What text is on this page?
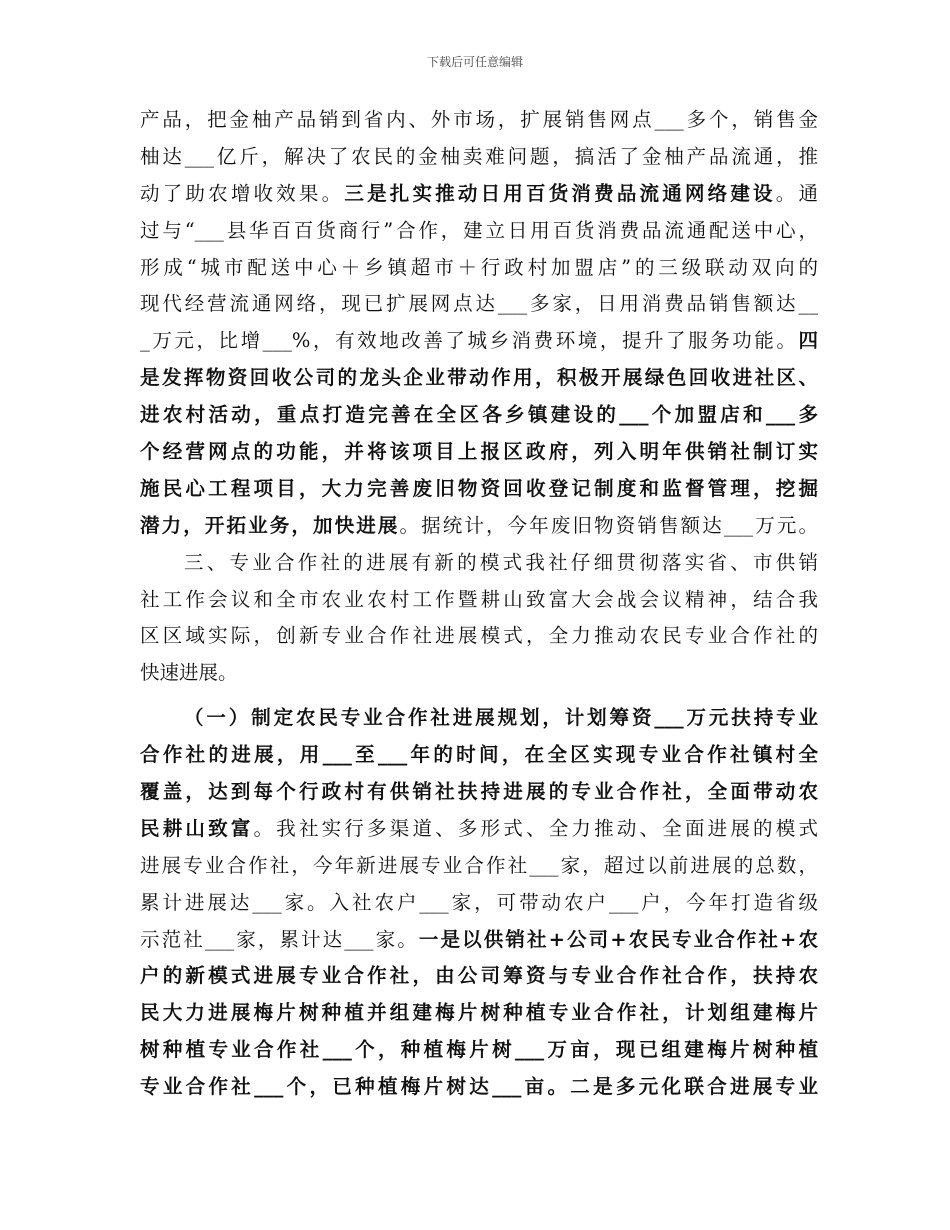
下载后可任意编辑
产品，把金柚产品销到省内、外市场，扩展销售网点___多个，销售金
柚达___亿斤，解决了农民的金柚卖难问题，搞活了金柚产品流通，推
动了助农增收效果。三是扎实推动日用百货消费品流通网络建设。通
过与“___县华百百货商行”合作，建立日用百货消费品流通配送中心，
形成“城市配送中心＋乡镇超市＋行政村加盟店”的三级联动双向的
现代经营流通网络，现已扩展网点达___多家，日用消费品销售额达__
_万元，比增___%，有效地改善了城乡消费环境，提升了服务功能。四
是发挥物资回收公司的龙头企业带动作用，积极开展绿色回收进社区、
进农村活动，重点打造完善在全区各乡镇建设的___个加盟店和___多
个经营网点的功能，并将该项目上报区政府，列入明年供销社制订实
施民心工程项目，大力完善废旧物资回收登记制度和监督管理，挖掘
潜力，开拓业务，加快进展。据统计，今年废旧物资销售额达___万元。
三、专业合作社的进展有新的模式我社仔细贯彻落实省、市供销
社工作会议和全市农业农村工作暨耕山致富大会战会议精神，结合我
区区域实际，创新专业合作社进展模式，全力推动农民专业合作社的
快速进展。
（一）制定农民专业合作社进展规划，计划筹资___万元扶持专业
合作社的进展，用___至___年的时间，在全区实现专业合作社镇村全
覆盖，达到每个行政村有供销社扶持进展的专业合作社，全面带动农
民耕山致富。我社实行多渠道、多形式、全力推动、全面进展的模式
进展专业合作社，今年新进展专业合作社___家，超过以前进展的总数，
累计进展达___家。入社农户___家，可带动农户___户，今年打造省级
示范社___家，累计达___家。一是以供销社+公司+农民专业合作社+农
户的新模式进展专业合作社，由公司筹资与专业合作社合作，扶持农
民大力进展梅片树种植并组建梅片树种植专业合作社，计划组建梅片
树种植专业合作社___个，种植梅片树___万亩，现已组建梅片树种植
专业合作社___个，已种植梅片树达___亩。二是多元化联合进展专业
